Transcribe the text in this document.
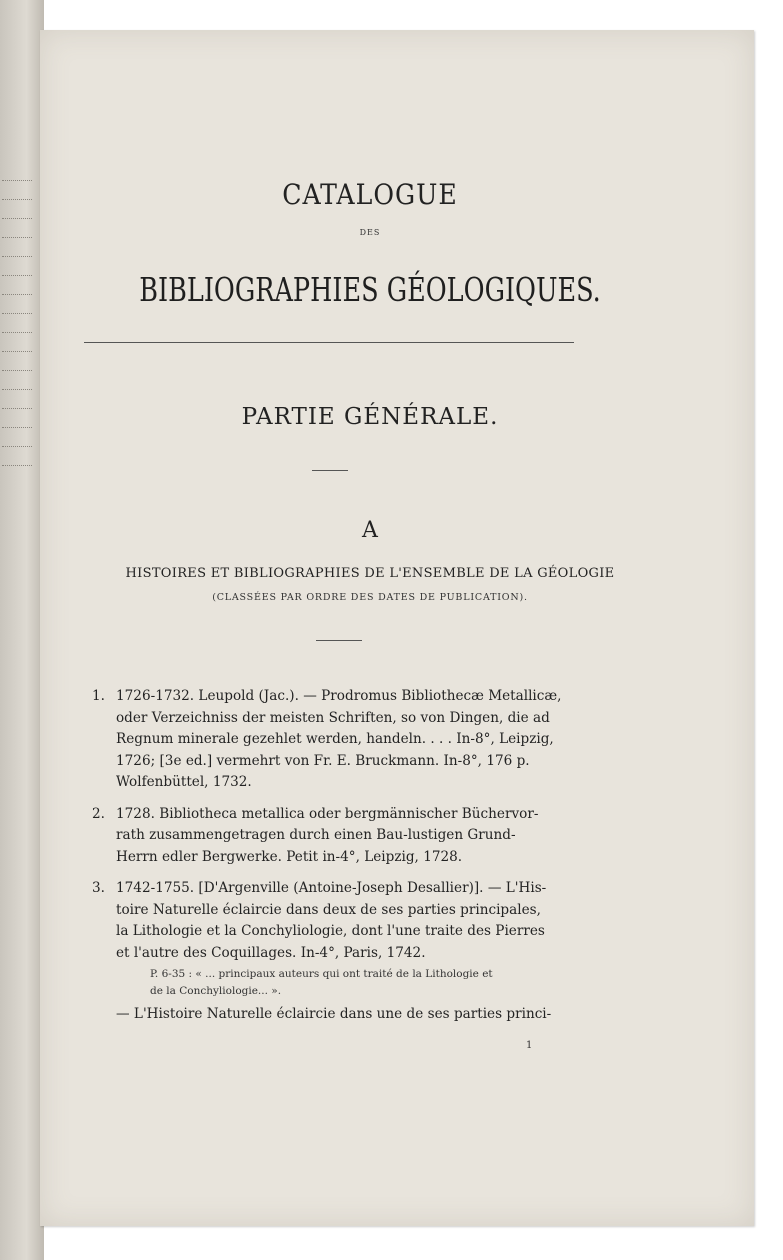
CATALOGUE
DES
BIBLIOGRAPHIES GÉOLOGIQUES.
PARTIE GÉNÉRALE.
A
HISTOIRES ET BIBLIOGRAPHIES DE L'ENSEMBLE DE LA GÉOLOGIE
(CLASSÉES PAR ORDRE DES DATES DE PUBLICATION).
1. 1726-1732. Leupold (Jac.). — Prodromus Bibliothecæ Metallicæ,
oder Verzeichniss der meisten Schriften, so von Dingen, die ad
Regnum minerale gezehlet werden, handeln. . . . In-8°, Leipzig,
1726; [3e ed.] vermehrt von Fr. E. Bruckmann. In-8°, 176 p.
Wolfenbüttel, 1732.
2. 1728. Bibliotheca metallica oder bergmännischer Büchervor-
rath zusammengetragen durch einen Bau-lustigen Grund-
Herrn edler Bergwerke. Petit in-4°, Leipzig, 1728.
3. 1742-1755. [D'Argenville (Antoine-Joseph Desallier)]. — L'His-
toire Naturelle éclaircie dans deux de ses parties principales,
la Lithologie et la Conchyliologie, dont l'une traite des Pierres
et l'autre des Coquillages. In-4°, Paris, 1742.
P. 6-35 : « ... principaux auteurs qui ont traité de la Lithologie et
de la Conchyliologie... ».
— L'Histoire Naturelle éclaircie dans une de ses parties princi-
1
